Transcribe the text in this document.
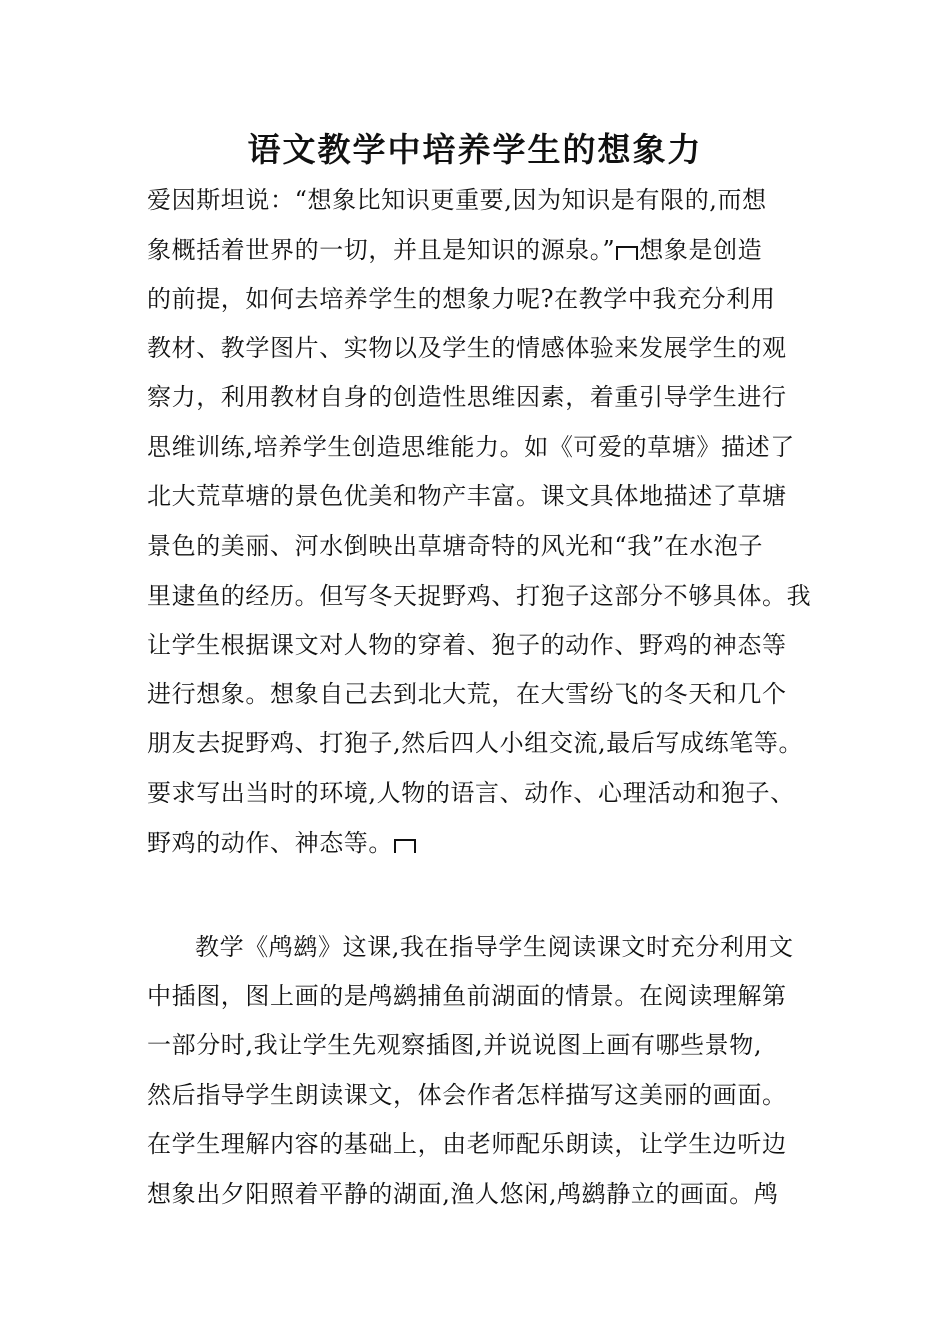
语文教学中培养学生的想象力
爱因斯坦说：“想象比知识更重要,因为知识是有限的,而想
象概括着世界的一切，并且是知识的源泉。” 想象是创造
的前提，如何去培养学生的想象力呢?在教学中我充分利用
教材、教学图片、实物以及学生的情感体验来发展学生的观
察力，利用教材自身的创造性思维因素，着重引导学生进行
思维训练,培养学生创造思维能力。如《可爱的草塘》描述了
北大荒草塘的景色优美和物产丰富。课文具体地描述了草塘
景色的美丽、河水倒映出草塘奇特的风光和“我”在水泡子
里逮鱼的经历。但写冬天捉野鸡、打狍子这部分不够具体。我
让学生根据课文对人物的穿着、狍子的动作、野鸡的神态等
进行想象。想象自己去到北大荒，在大雪纷飞的冬天和几个
朋友去捉野鸡、打狍子,然后四人小组交流,最后写成练笔等。
要求写出当时的环境,人物的语言、动作、心理活动和狍子、
野鸡的动作、神态等。
教学《鸬鹚》这课,我在指导学生阅读课文时充分利用文
中插图，图上画的是鸬鹚捕鱼前湖面的情景。在阅读理解第
一部分时,我让学生先观察插图,并说说图上画有哪些景物,
然后指导学生朗读课文，体会作者怎样描写这美丽的画面。
在学生理解内容的基础上，由老师配乐朗读，让学生边听边
想象出夕阳照着平静的湖面,渔人悠闲,鸬鹚静立的画面。鸬
